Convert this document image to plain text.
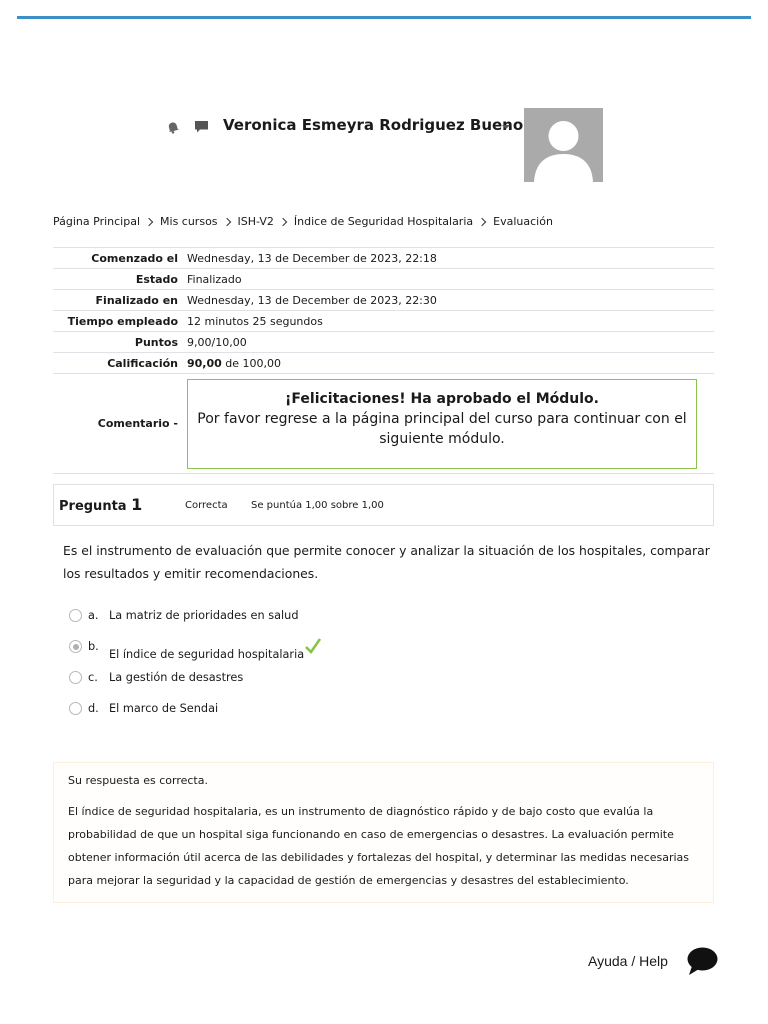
Veronica Esmeyra Rodriguez Bueno
Página Principal Mis cursos ISH-V2 Índice de Seguridad Hospitalaria Evaluación
Comenzado el	Wednesday, 13 de December de 2023, 22:18
Estado	Finalizado
Finalizado en	Wednesday, 13 de December de 2023, 22:30
Tiempo empleado	12 minutos 25 segundos
Puntos	9,00/10,00
Calificación	90,00 de 100,00
Comentario -	¡Felicitaciones! Ha aprobado el Módulo.
Por favor regrese a la página principal del curso para continuar con el siguiente módulo.
Pregunta 1	Correcta Se puntúa 1,00 sobre 1,00
Es el instrumento de evaluación que permite conocer y analizar la situación de los hospitales, comparar los resultados y emitir recomendaciones.
a. La matriz de prioridades en salud
b.
El índice de seguridad hospitalaria
c. La gestión de desastres
d. El marco de Sendai
Su respuesta es correcta.
El índice de seguridad hospitalaria, es un instrumento de diagnóstico rápido y de bajo costo que evalúa la probabilidad de que un hospital siga funcionando en caso de emergencias o desastres. La evaluación permite obtener información útil acerca de las debilidades y fortalezas del hospital, y determinar las medidas necesarias para mejorar la seguridad y la capacidad de gestión de emergencias y desastres del establecimiento.
Ayuda / Help
